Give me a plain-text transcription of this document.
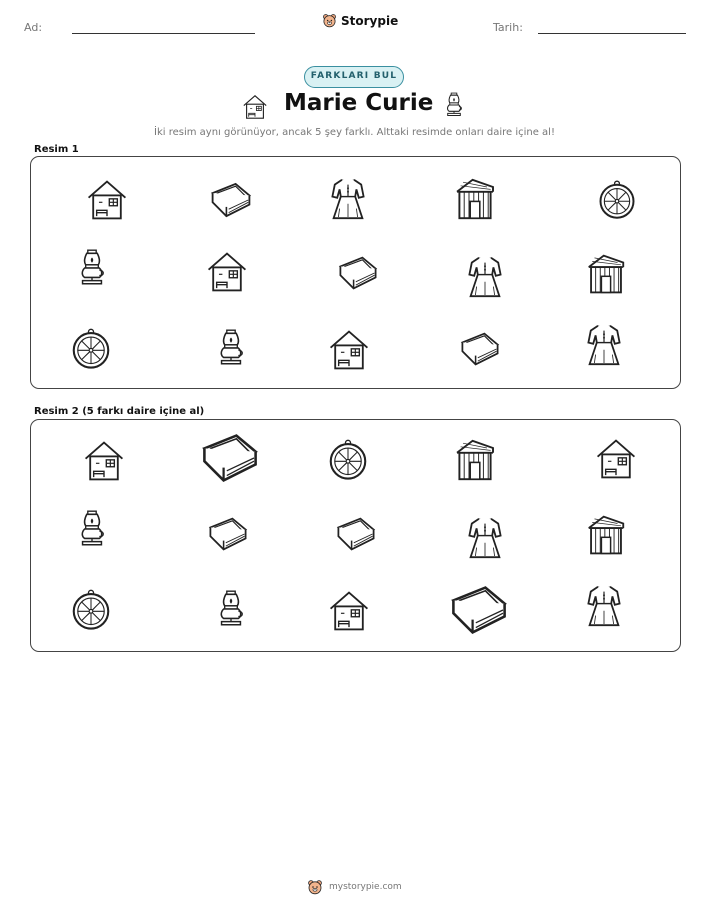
Ad:	Storypie	Tarih:
FARKLARI BUL
Marie Curie
İki resim aynı görünüyor, ancak 5 şey farklı. Alttaki resimde onları daire içine al!
Resim 1
Resim 2 (5 farkı daire içine al)
mystorypie.com
